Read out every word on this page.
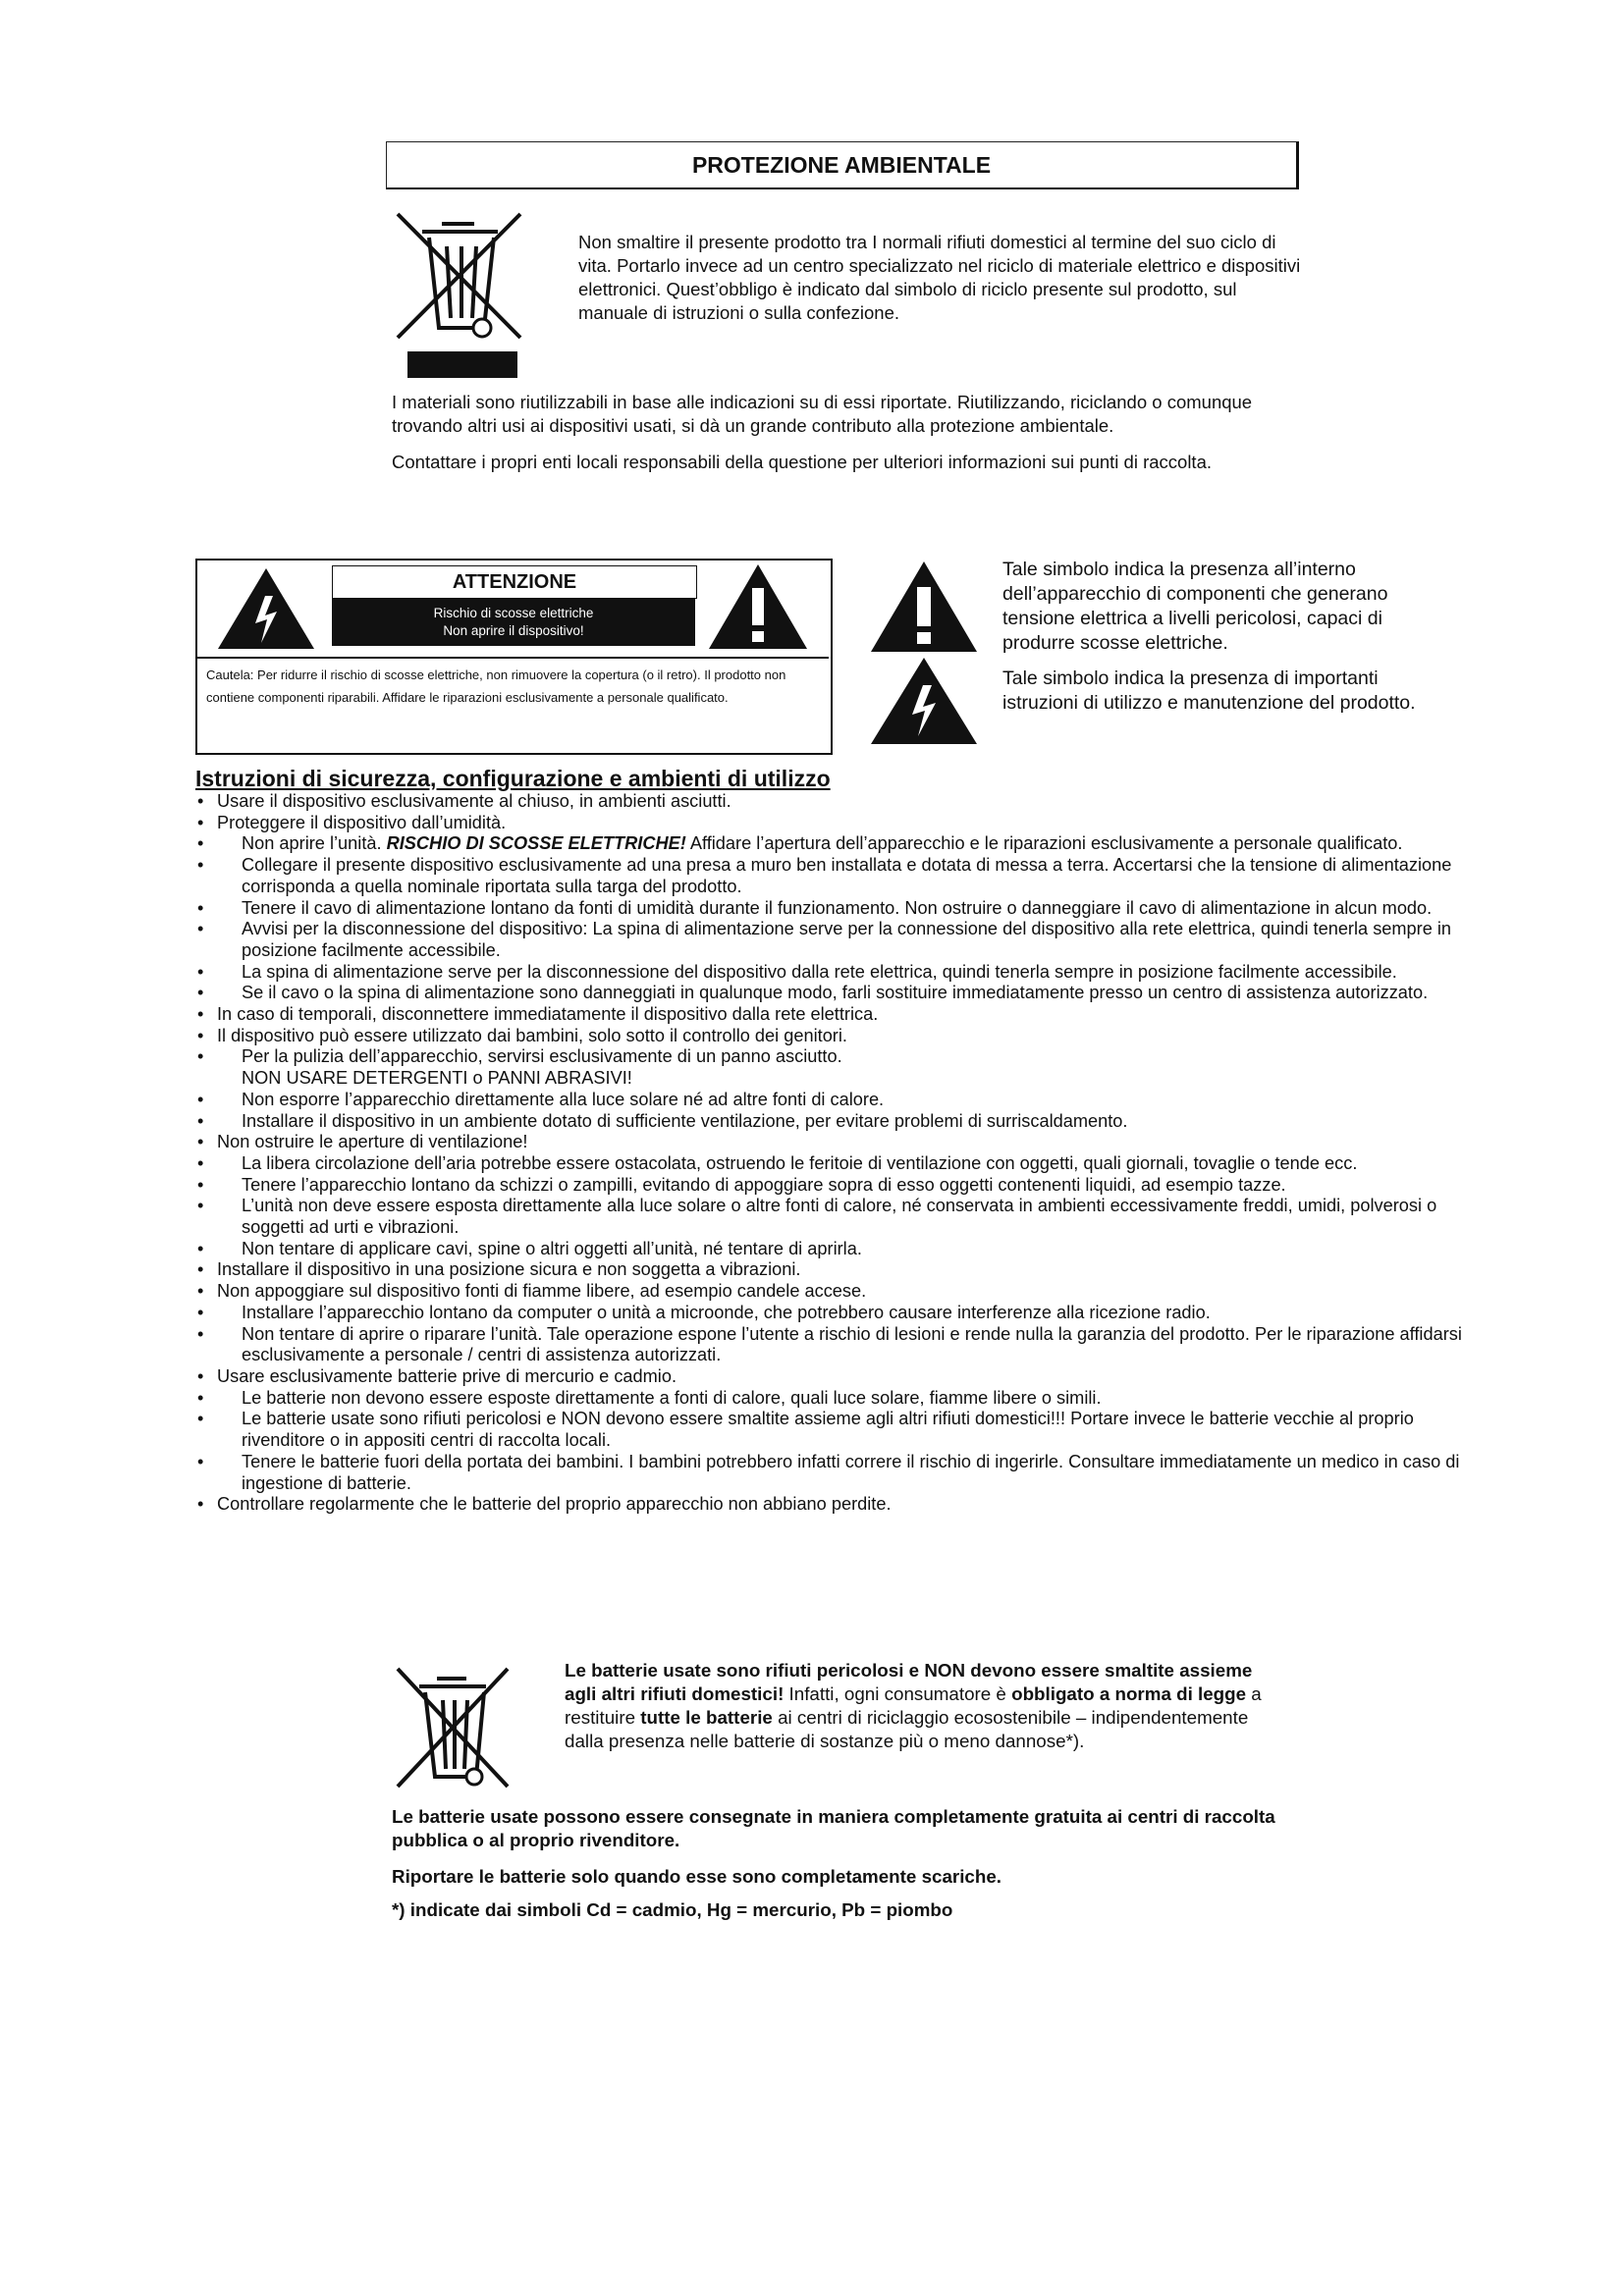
PROTEZIONE AMBIENTALE
Non smaltire il presente prodotto tra I normali rifiuti domestici al termine del suo ciclo di vita. Portarlo invece ad un centro specializzato nel riciclo di materiale elettrico e dispositivi elettronici. Quest’obbligo è indicato dal simbolo di riciclo presente sul prodotto, sul manuale di istruzioni o sulla confezione.
I materiali sono riutilizzabili in base alle indicazioni su di essi riportate. Riutilizzando, riciclando o comunque trovando altri usi ai dispositivi usati, si dà un grande contributo alla protezione ambientale.
Contattare i propri enti locali responsabili della questione per ulteriori informazioni sui punti di raccolta.
ATTENZIONE
Rischio di scosse elettriche
Non aprire il dispositivo!
Cautela: Per ridurre il rischio di scosse elettriche, non rimuovere la copertura (o il retro). Il prodotto non contiene componenti riparabili. Affidare le riparazioni esclusivamente a personale qualificato.
Tale simbolo indica la presenza all’interno dell’apparecchio di componenti che generano tensione elettrica a livelli pericolosi, capaci di produrre scosse elettriche.
Tale simbolo indica la presenza di importanti istruzioni di utilizzo e manutenzione del prodotto.
Istruzioni di sicurezza, configurazione e ambienti di utilizzo
• Usare il dispositivo esclusivamente al chiuso, in ambienti asciutti.
• Proteggere il dispositivo dall’umidità.
• Non aprire l’unità. RISCHIO DI SCOSSE ELETTRICHE! Affidare l’apertura dell’apparecchio e le riparazioni esclusivamente a personale qualificato.
• Collegare il presente dispositivo esclusivamente ad una presa a muro ben installata e dotata di messa a terra. Accertarsi che la tensione di alimentazione corrisponda a quella nominale riportata sulla targa del prodotto.
• Tenere il cavo di alimentazione lontano da fonti di umidità durante il funzionamento. Non ostruire o danneggiare il cavo di alimentazione in alcun modo.
• Avvisi per la disconnessione del dispositivo: La spina di alimentazione serve per la connessione del dispositivo alla rete elettrica, quindi tenerla sempre in posizione facilmente accessibile.
• La spina di alimentazione serve per la disconnessione del dispositivo dalla rete elettrica, quindi tenerla sempre in posizione facilmente accessibile.
• Se il cavo o la spina di alimentazione sono danneggiati in qualunque modo, farli sostituire immediatamente presso un centro di assistenza autorizzato.
• In caso di temporali, disconnettere immediatamente il dispositivo dalla rete elettrica.
• Il dispositivo può essere utilizzato dai bambini, solo sotto il controllo dei genitori.
• Per la pulizia dell’apparecchio, servirsi esclusivamente di un panno asciutto.
NON USARE DETERGENTI o PANNI ABRASIVI!
• Non esporre l’apparecchio direttamente alla luce solare né ad altre fonti di calore.
• Installare il dispositivo in un ambiente dotato di sufficiente ventilazione, per evitare problemi di surriscaldamento.
• Non ostruire le aperture di ventilazione!
• La libera circolazione dell’aria potrebbe essere ostacolata, ostruendo le feritoie di ventilazione con oggetti, quali giornali, tovaglie o tende ecc.
• Tenere l’apparecchio lontano da schizzi o zampilli, evitando di appoggiare sopra di esso oggetti contenenti liquidi, ad esempio tazze.
• L’unità non deve essere esposta direttamente alla luce solare o altre fonti di calore, né conservata in ambienti eccessivamente freddi, umidi, polverosi o soggetti ad urti e vibrazioni.
• Non tentare di applicare cavi, spine o altri oggetti all’unità, né tentare di aprirla.
• Installare il dispositivo in una posizione sicura e non soggetta a vibrazioni.
• Non appoggiare sul dispositivo fonti di fiamme libere, ad esempio candele accese.
• Installare l’apparecchio lontano da computer o unità a microonde, che potrebbero causare interferenze alla ricezione radio.
• Non tentare di aprire o riparare l’unità. Tale operazione espone l’utente a rischio di lesioni e rende nulla la garanzia del prodotto. Per le riparazione affidarsi esclusivamente a personale / centri di assistenza autorizzati.
• Usare esclusivamente batterie prive di mercurio e cadmio.
• Le batterie non devono essere esposte direttamente a fonti di calore, quali luce solare, fiamme libere o simili.
• Le batterie usate sono rifiuti pericolosi e NON devono essere smaltite assieme agli altri rifiuti domestici!!! Portare invece le batterie vecchie al proprio rivenditore o in appositi centri di raccolta locali.
• Tenere le batterie fuori della portata dei bambini. I bambini potrebbero infatti correre il rischio di ingerirle. Consultare immediatamente un medico in caso di ingestione di batterie.
• Controllare regolarmente che le batterie del proprio apparecchio non abbiano perdite.
Le batterie usate sono rifiuti pericolosi e NON devono essere smaltite assieme agli altri rifiuti domestici! Infatti, ogni consumatore è obbligato a norma di legge a restituire tutte le batterie ai centri di riciclaggio ecosostenibile – indipendentemente dalla presenza nelle batterie di sostanze più o meno dannose*).
Le batterie usate possono essere consegnate in maniera completamente gratuita ai centri di raccolta pubblica o al proprio rivenditore.
Riportare le batterie solo quando esse sono completamente scariche.
*) indicate dai simboli Cd = cadmio, Hg = mercurio, Pb = piombo
